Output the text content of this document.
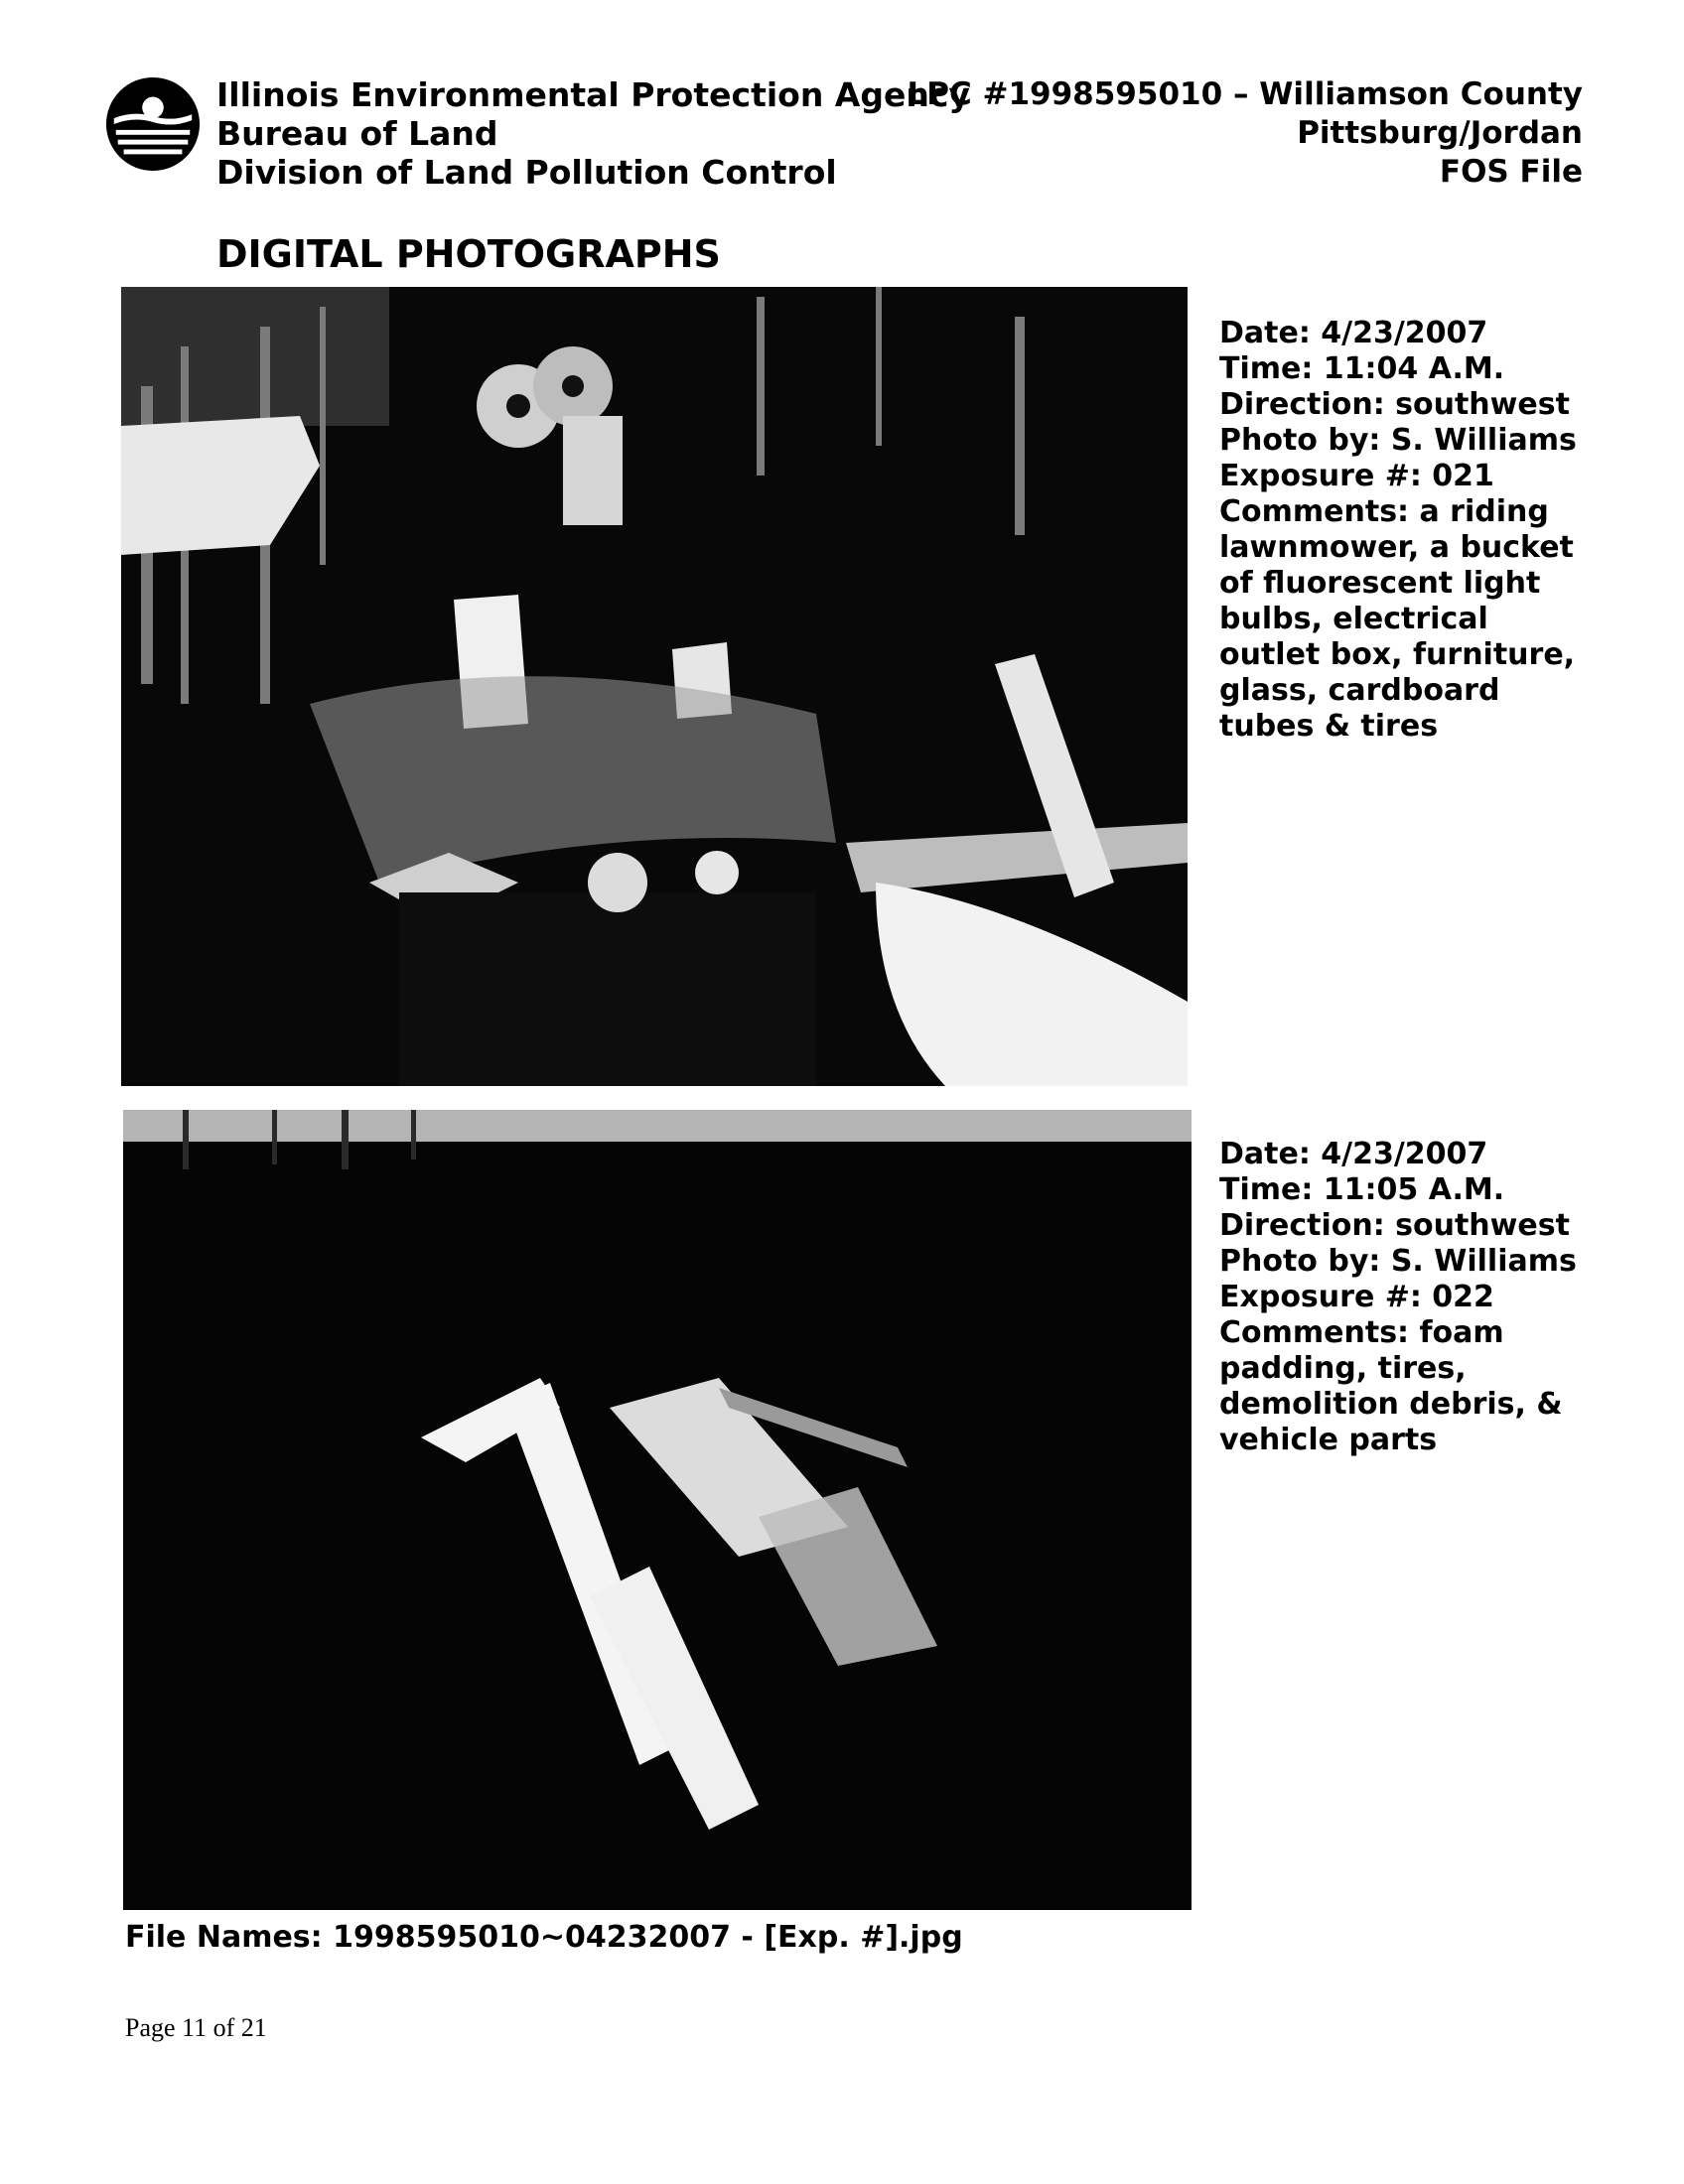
Illinois Environmental Protection Agency
Bureau of Land
Division of Land Pollution Control
LPC #1998595010 – Williamson County
Pittsburg/Jordan
FOS File
DIGITAL PHOTOGRAPHS
Date: 4/23/2007
Time: 11:04 A.M.
Direction: southwest
Photo by: S. Williams
Exposure #: 021
Comments: a riding lawnmower, a bucket of fluorescent light bulbs, electrical outlet box, furniture, glass, cardboard tubes & tires
Date: 4/23/2007
Time: 11:05 A.M.
Direction: southwest
Photo by: S. Williams
Exposure #: 022
Comments: foam padding, tires, demolition debris, & vehicle parts
File Names: 1998595010~04232007 - [Exp. #].jpg
Page 11 of 21
